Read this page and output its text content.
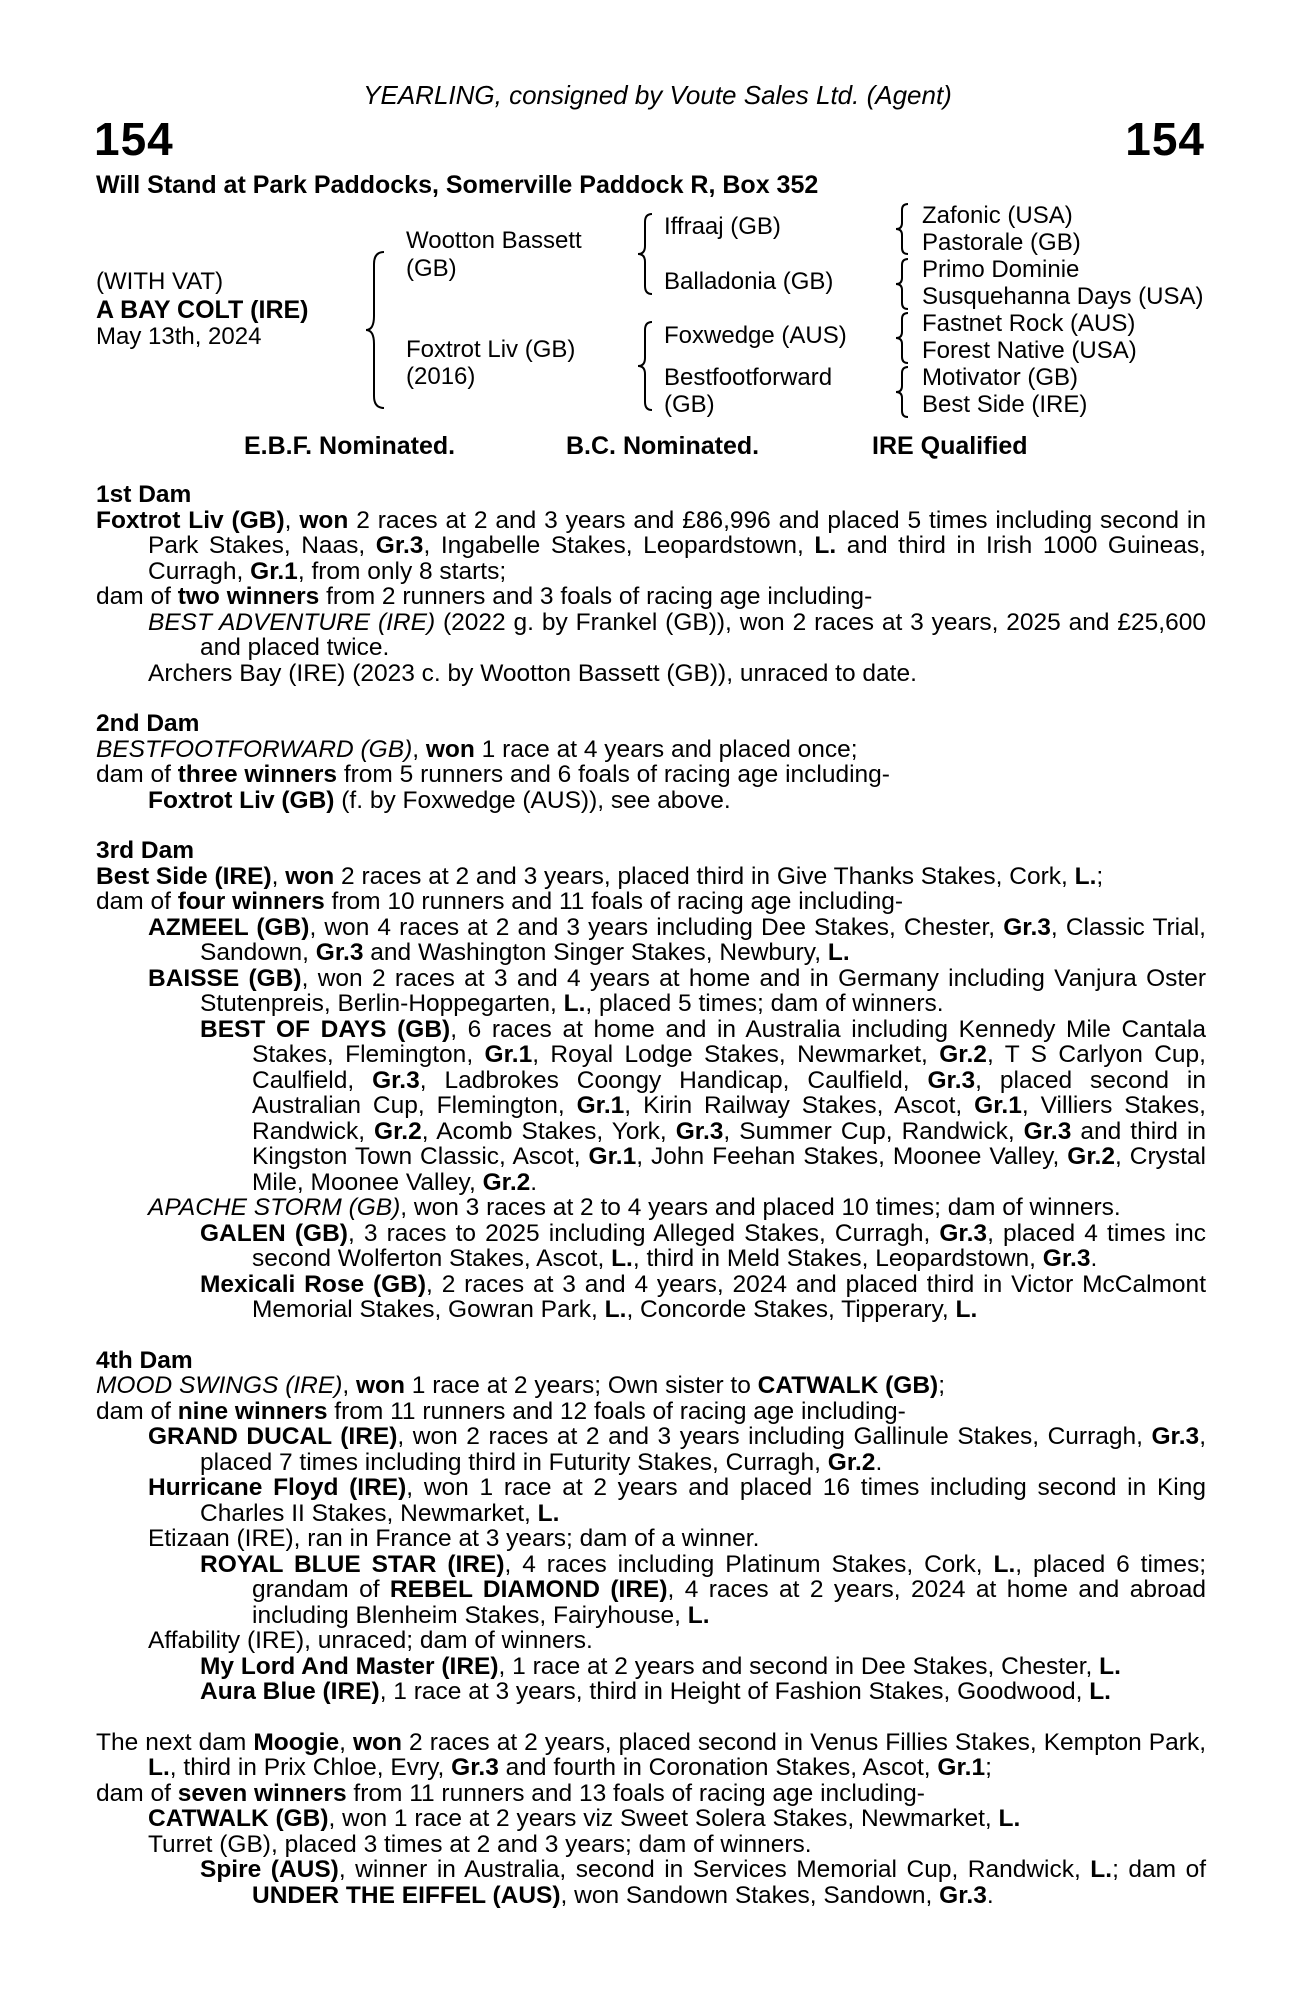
YEARLING, consigned by Voute Sales Ltd. (Agent)
154	154
Will Stand at Park Paddocks, Somerville Paddock R, Box 352
(WITH VAT)
A BAY COLT (IRE)
May 13th, 2024
Wootton Bassett
(GB)
Foxtrot Liv (GB)
(2016)
Iffraaj (GB)
Balladonia (GB)
Foxwedge (AUS)
Bestfootforward
(GB)
Zafonic (USA)
Pastorale (GB)
Primo Dominie
Susquehanna Days (USA)
Fastnet Rock (AUS)
Forest Native (USA)
Motivator (GB)
Best Side (IRE)
E.B.F. Nominated.	B.C. Nominated.	IRE Qualified
1st Dam
Foxtrot Liv (GB), won 2 races at 2 and 3 years and £86,996 and placed 5 times including second in Park Stakes, Naas, Gr.3, Ingabelle Stakes, Leopardstown, L. and third in Irish 1000 Guineas, Curragh, Gr.1, from only 8 starts;
dam of two winners from 2 runners and 3 foals of racing age including-
BEST ADVENTURE (IRE) (2022 g. by Frankel (GB)), won 2 races at 3 years, 2025 and £25,600 and placed twice.
Archers Bay (IRE) (2023 c. by Wootton Bassett (GB)), unraced to date.
2nd Dam
BESTFOOTFORWARD (GB), won 1 race at 4 years and placed once;
dam of three winners from 5 runners and 6 foals of racing age including-
Foxtrot Liv (GB) (f. by Foxwedge (AUS)), see above.
3rd Dam
Best Side (IRE), won 2 races at 2 and 3 years, placed third in Give Thanks Stakes, Cork, L.;
dam of four winners from 10 runners and 11 foals of racing age including-
AZMEEL (GB), won 4 races at 2 and 3 years including Dee Stakes, Chester, Gr.3, Classic Trial, Sandown, Gr.3 and Washington Singer Stakes, Newbury, L.
BAISSE (GB), won 2 races at 3 and 4 years at home and in Germany including Vanjura Oster Stutenpreis, Berlin-Hoppegarten, L., placed 5 times; dam of winners.
BEST OF DAYS (GB), 6 races at home and in Australia including Kennedy Mile Cantala Stakes, Flemington, Gr.1, Royal Lodge Stakes, Newmarket, Gr.2, T S Carlyon Cup, Caulfield, Gr.3, Ladbrokes Coongy Handicap, Caulfield, Gr.3, placed second in Australian Cup, Flemington, Gr.1, Kirin Railway Stakes, Ascot, Gr.1, Villiers Stakes, Randwick, Gr.2, Acomb Stakes, York, Gr.3, Summer Cup, Randwick, Gr.3 and third in Kingston Town Classic, Ascot, Gr.1, John Feehan Stakes, Moonee Valley, Gr.2, Crystal Mile, Moonee Valley, Gr.2.
APACHE STORM (GB), won 3 races at 2 to 4 years and placed 10 times; dam of winners.
GALEN (GB), 3 races to 2025 including Alleged Stakes, Curragh, Gr.3, placed 4 times inc second Wolferton Stakes, Ascot, L., third in Meld Stakes, Leopardstown, Gr.3.
Mexicali Rose (GB), 2 races at 3 and 4 years, 2024 and placed third in Victor McCalmont Memorial Stakes, Gowran Park, L., Concorde Stakes, Tipperary, L.
4th Dam
MOOD SWINGS (IRE), won 1 race at 2 years; Own sister to CATWALK (GB);
dam of nine winners from 11 runners and 12 foals of racing age including-
GRAND DUCAL (IRE), won 2 races at 2 and 3 years including Gallinule Stakes, Curragh, Gr.3, placed 7 times including third in Futurity Stakes, Curragh, Gr.2.
Hurricane Floyd (IRE), won 1 race at 2 years and placed 16 times including second in King Charles II Stakes, Newmarket, L.
Etizaan (IRE), ran in France at 3 years; dam of a winner.
ROYAL BLUE STAR (IRE), 4 races including Platinum Stakes, Cork, L., placed 6 times; grandam of REBEL DIAMOND (IRE), 4 races at 2 years, 2024 at home and abroad including Blenheim Stakes, Fairyhouse, L.
Affability (IRE), unraced; dam of winners.
My Lord And Master (IRE), 1 race at 2 years and second in Dee Stakes, Chester, L.
Aura Blue (IRE), 1 race at 3 years, third in Height of Fashion Stakes, Goodwood, L.
The next dam Moogie, won 2 races at 2 years, placed second in Venus Fillies Stakes, Kempton Park, L., third in Prix Chloe, Evry, Gr.3 and fourth in Coronation Stakes, Ascot, Gr.1;
dam of seven winners from 11 runners and 13 foals of racing age including-
CATWALK (GB), won 1 race at 2 years viz Sweet Solera Stakes, Newmarket, L.
Turret (GB), placed 3 times at 2 and 3 years; dam of winners.
Spire (AUS), winner in Australia, second in Services Memorial Cup, Randwick, L.; dam of UNDER THE EIFFEL (AUS), won Sandown Stakes, Sandown, Gr.3.
